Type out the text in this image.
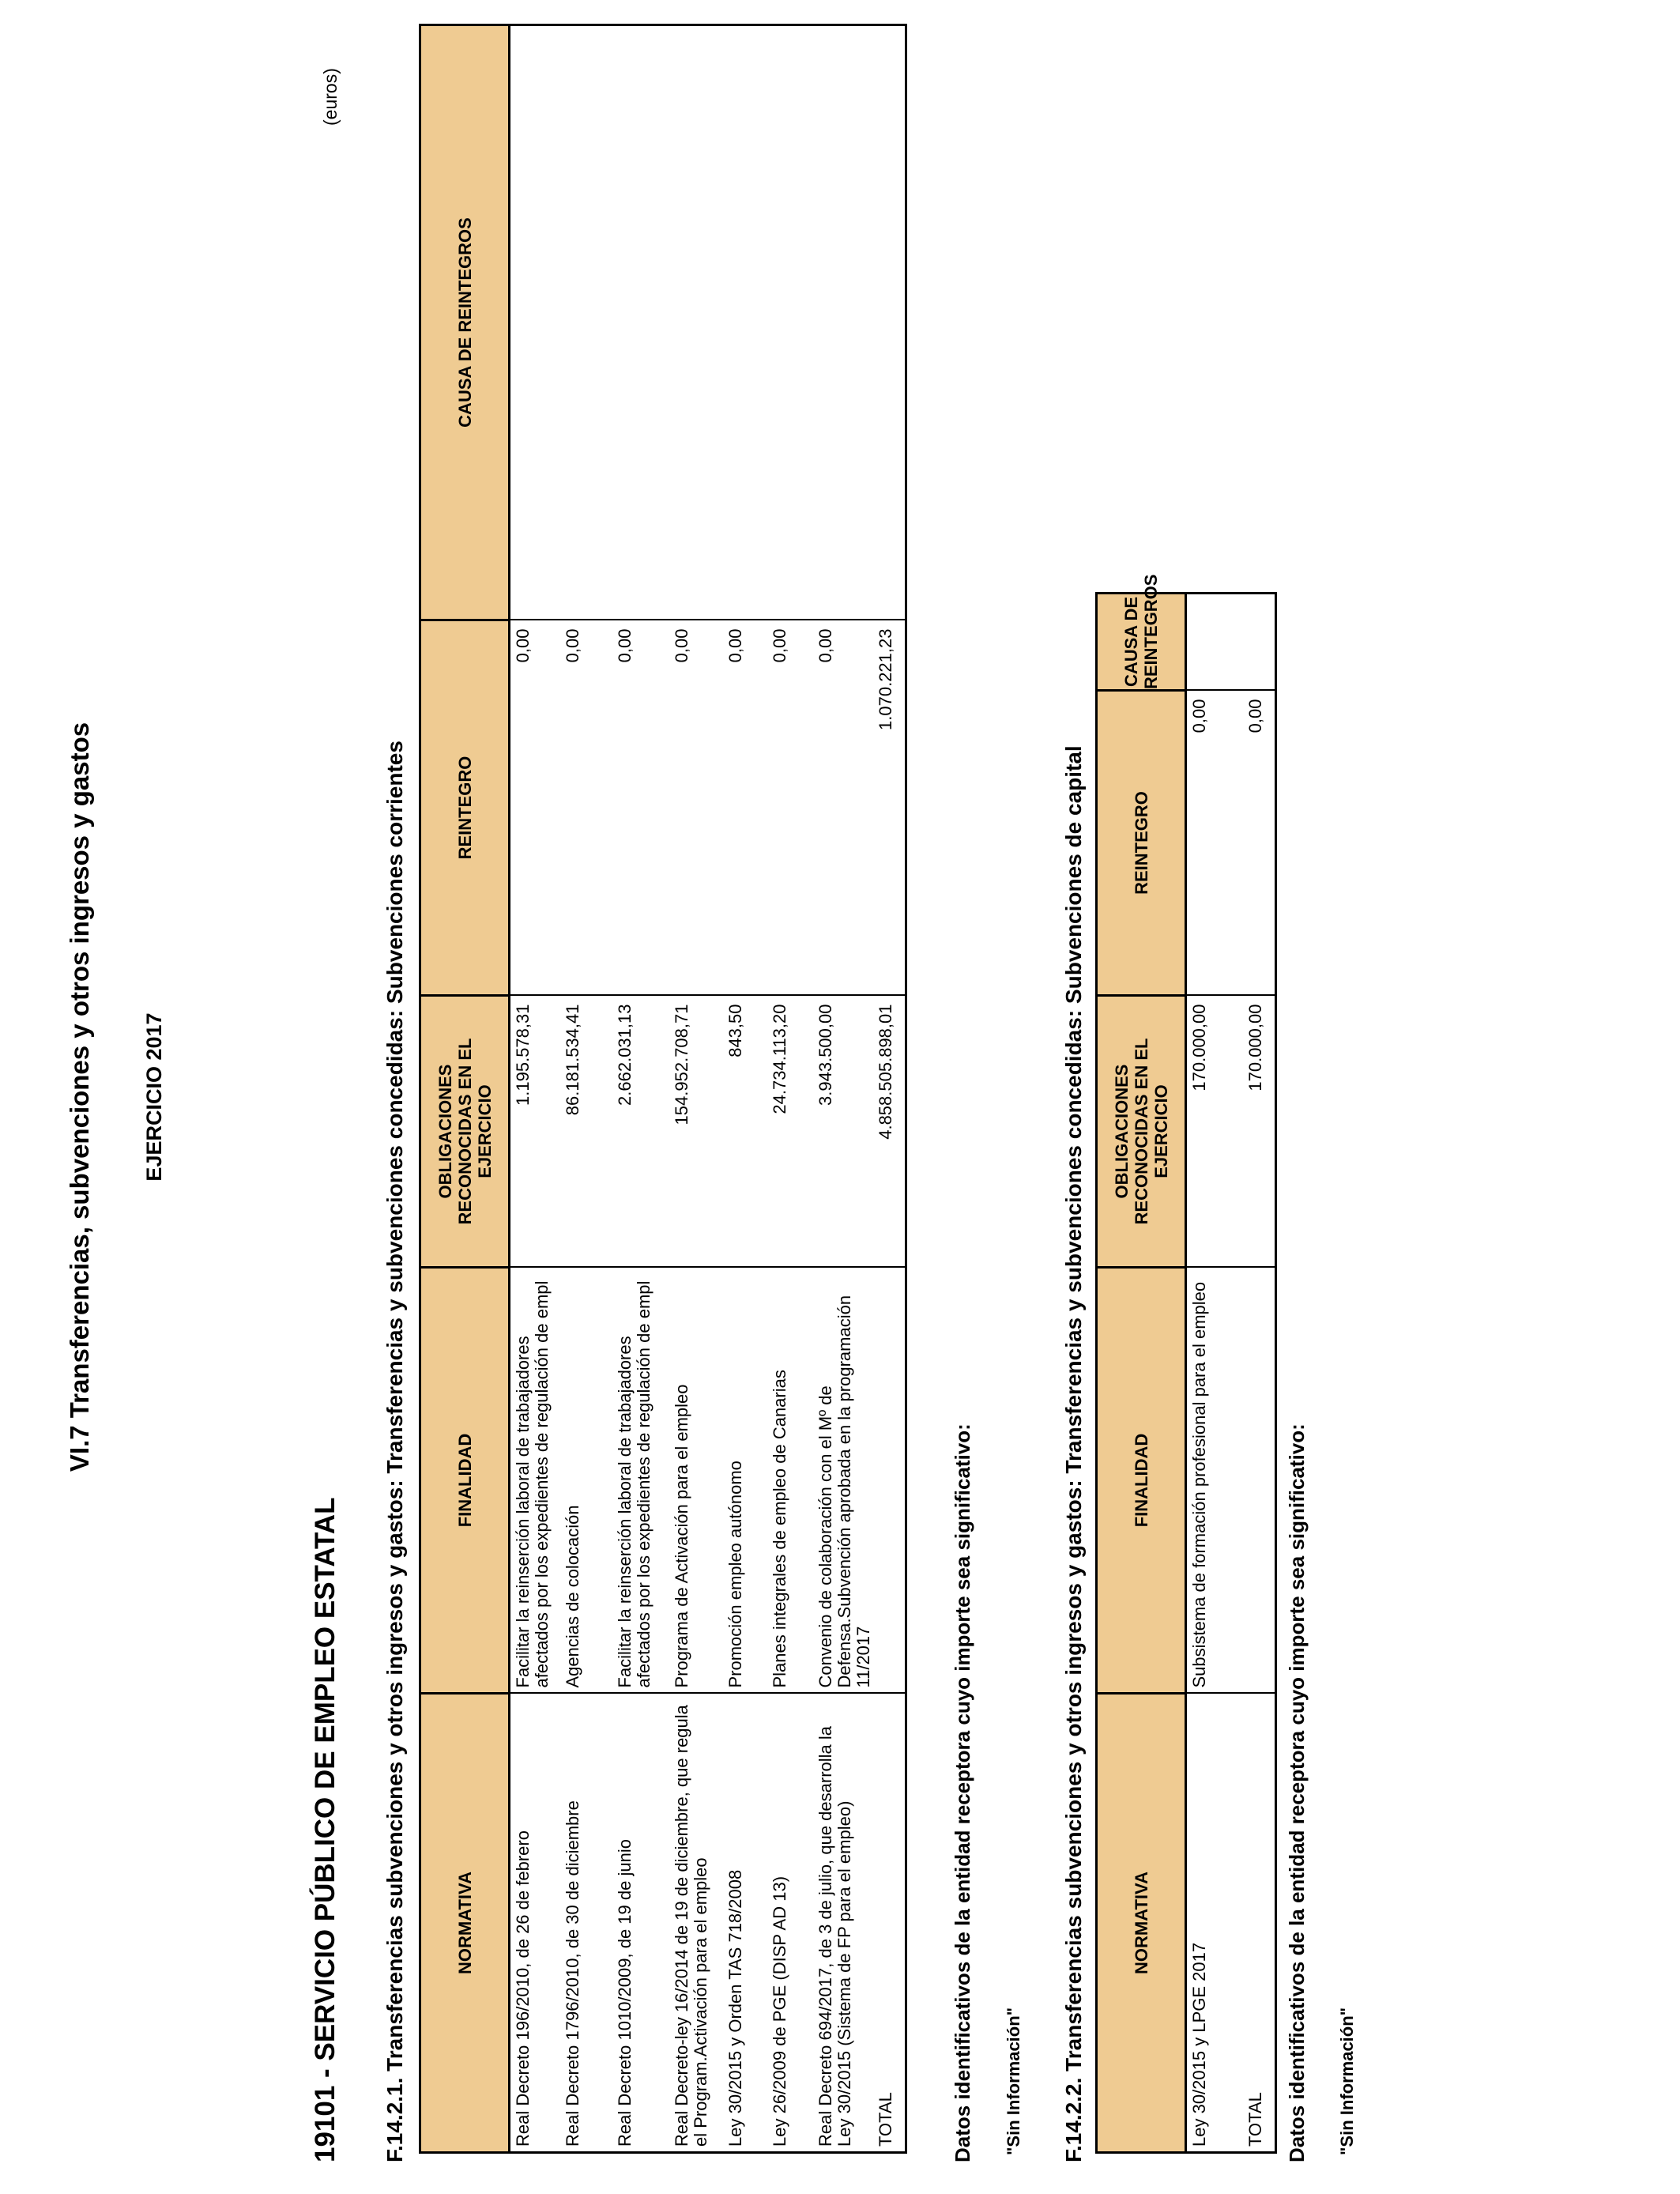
VI.7 Transferencias, subvenciones y otros ingresos y gastos EJERCICIO 2017
19101 - SERVICIO PÚBLICO DE EMPLEO ESTATAL
(euros)
F.14.2.1. Transferencias subvenciones y otros ingresos y gastos: Transferencias y subvenciones concedidas: Subvenciones corrientes	NORMATIVA	FINALIDAD	OBLIGACIONES RECONOCIDAS EN EL EJERCICIO	REINTEGRO	CAUSA DE REINTEGROS
Real Decreto 196/2010, de 26 de febrero	Facilitar la reinserción laboral de trabajadores afectados por los expedientes de regulación de empl	1.195.578,31	0,00	
Real Decreto 1796/2010, de 30 de diciembre	Agencias de colocación	86.181.534,41	0,00	
Real Decreto 1010/2009, de 19 de junio	Facilitar la reinserción laboral de trabajadores afectados por los expedientes de regulación de empl	2.662.031,13	0,00	
Real Decreto-ley 16/2014 de 19 de diciembre, que regula el Program.Activación para el empleo	Programa de Activación para el empleo	154.952.708,71	0,00	
Ley 30/2015 y Orden TAS 718/2008	Promoción empleo autónomo	843,50	0,00	
Ley 26/2009 de PGE (DISP AD 13)	Planes integrales de empleo de Canarias	24.734.113,20	0,00	
Real Decreto 694/2017, de 3 de julio, que desarrolla la Ley 30/2015 (Sistema de FP para el empleo)	Convenio de colaboración con el Mº de Defensa.Subvención aprobada en la programación 11/2017	3.943.500,00	0,00	
TOTAL		4.858.505.898,01	1.070.221,23	
Datos identificativos de la entidad receptora cuyo importe sea significativo: "Sin Información" F.14.2.2. Transferencias subvenciones y otros ingresos y gastos: Transferencias y subvenciones concedidas: Subvenciones de capital	NORMATIVA	FINALIDAD	OBLIGACIONES RECONOCIDAS EN EL EJERCICIO	REINTEGRO	CAUSA DE REINTEGROS
Ley 30/2015 y LPGE 2017	Subsistema de formación profesional para el empleo	170.000,00	0,00	
TOTAL		170.000,00	0,00	
Datos identificativos de la entidad receptora cuyo importe sea significativo: "Sin Información"
